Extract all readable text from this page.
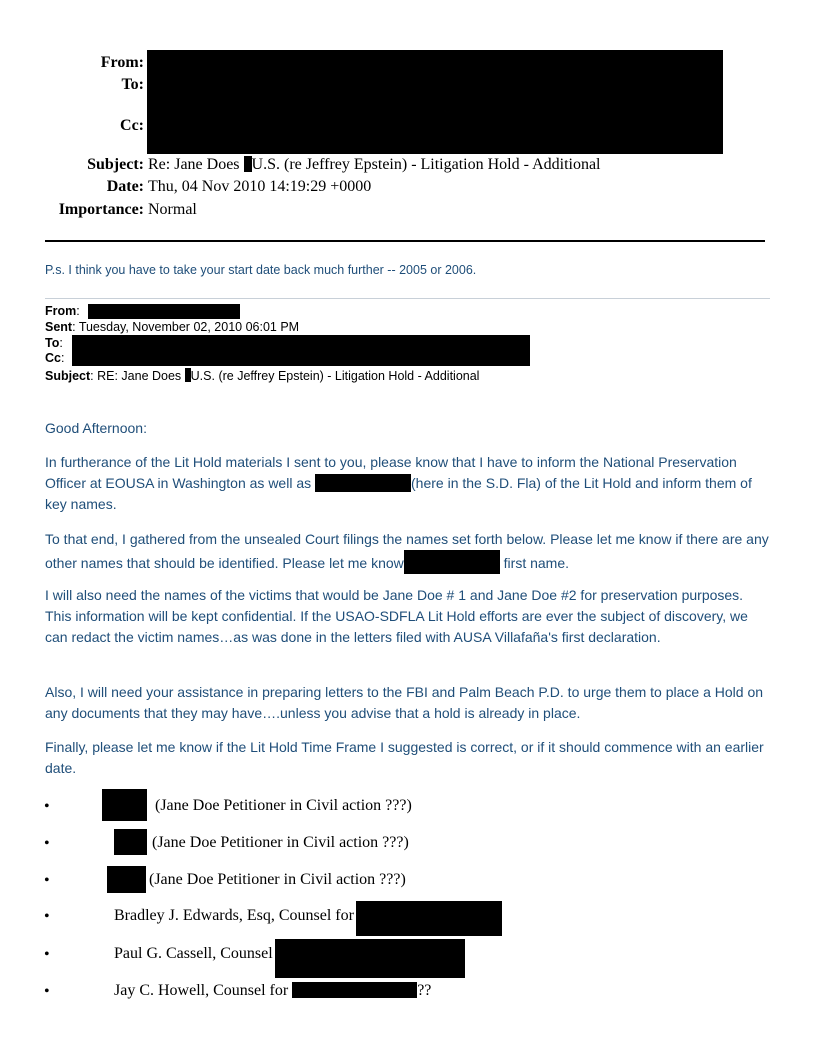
From:
To:
Cc:
Subject: Re: Jane Does U.S. (re Jeffrey Epstein) - Litigation Hold - Additional
Date: Thu, 04 Nov 2010 14:19:29 +0000
Importance: Normal
P.s. I think you have to take your start date back much further -- 2005 or 2006.
From:
Sent: Tuesday, November 02, 2010 06:01 PM
To:
Cc:
Subject: RE: Jane Does U.S. (re Jeffrey Epstein) - Litigation Hold - Additional
Good Afternoon:
In furtherance of the Lit Hold materials I sent to you, please know that I have to inform the National Preservation Officer at EOUSA in Washington as well as	(here in the S.D. Fla) of the Lit Hold and inform them of key names.
To that end, I gathered from the unsealed Court filings the names set forth below. Please let me know if there are any other names that should be identified. Please let me know	first name.
I will also need the names of the victims that would be Jane Doe # 1 and Jane Doe #2 for preservation purposes. This information will be kept confidential. If the USAO-SDFLA Lit Hold efforts are ever the subject of discovery, we can redact the victim names…as was done in the letters filed with AUSA Villafaña's first declaration.
Also, I will need your assistance in preparing letters to the FBI and Palm Beach P.D. to urge them to place a Hold on any documents that they may have….unless you advise that a hold is already in place.
Finally, please let me know if the Lit Hold Time Frame I suggested is correct, or if it should commence with an earlier date.
•	(Jane Doe Petitioner in Civil action ???)
•	(Jane Doe Petitioner in Civil action ???)
•	(Jane Doe Petitioner in Civil action ???)
•	Bradley J. Edwards, Esq, Counsel for
•	Paul G. Cassell, Counsel
•	Jay C. Howell, Counsel for	??
